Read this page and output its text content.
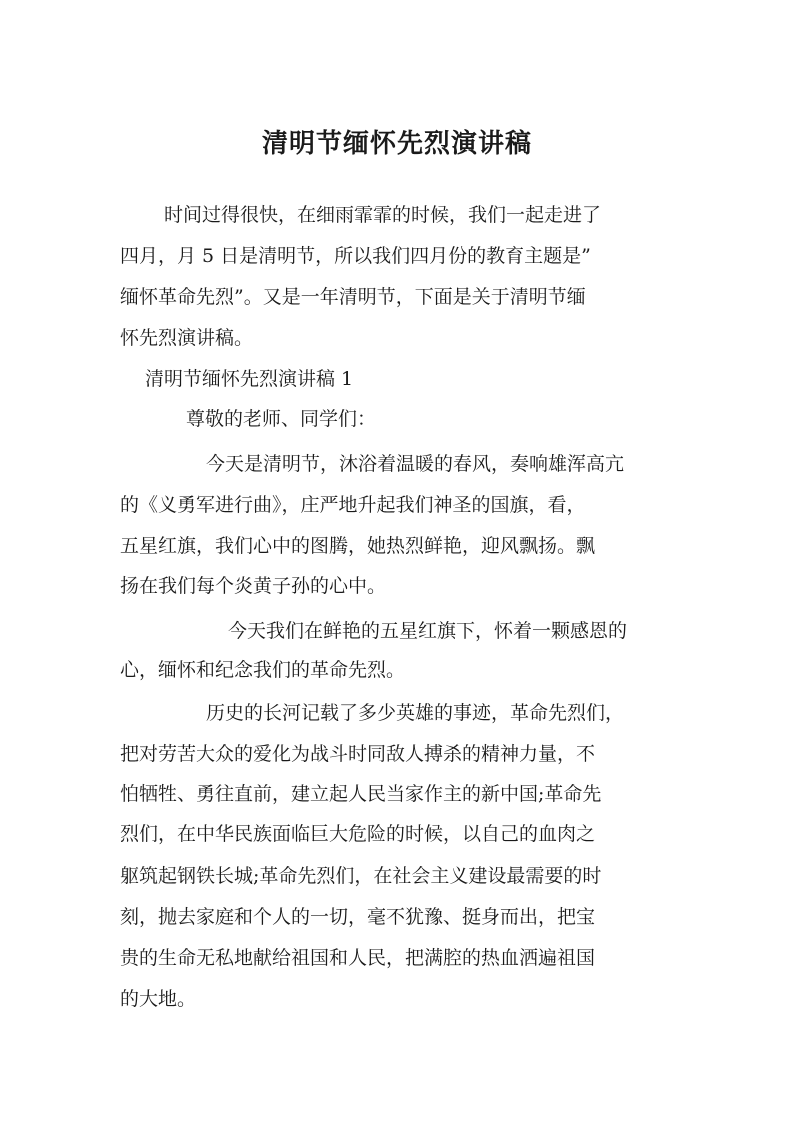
清明节缅怀先烈演讲稿

时间过得很快，在细雨霏霏的时候，我们一起走进了

四月，月 5 日是清明节，所以我们四月份的教育主题是”

缅怀革命先烈”。又是一年清明节，下面是关于清明节缅

怀先烈演讲稿。

清明节缅怀先烈演讲稿 1

尊敬的老师、同学们：

今天是清明节，沐浴着温暖的春风，奏响雄浑高亢

的《义勇军进行曲》，庄严地升起我们神圣的国旗，看，

五星红旗，我们心中的图腾，她热烈鲜艳，迎风飘扬。飘

扬在我们每个炎黄子孙的心中。

今天我们在鲜艳的五星红旗下，怀着一颗感恩的

心，缅怀和纪念我们的革命先烈。

历史的长河记载了多少英雄的事迹，革命先烈们，

把对劳苦大众的爱化为战斗时同敌人搏杀的精神力量，不

怕牺牲、勇往直前，建立起人民当家作主的新中国;革命先

烈们，在中华民族面临巨大危险的时候，以自己的血肉之

躯筑起钢铁长城;革命先烈们，在社会主义建设最需要的时

刻，抛去家庭和个人的一切，毫不犹豫、挺身而出，把宝

贵的生命无私地献给祖国和人民，把满腔的热血洒遍祖国

的大地。
